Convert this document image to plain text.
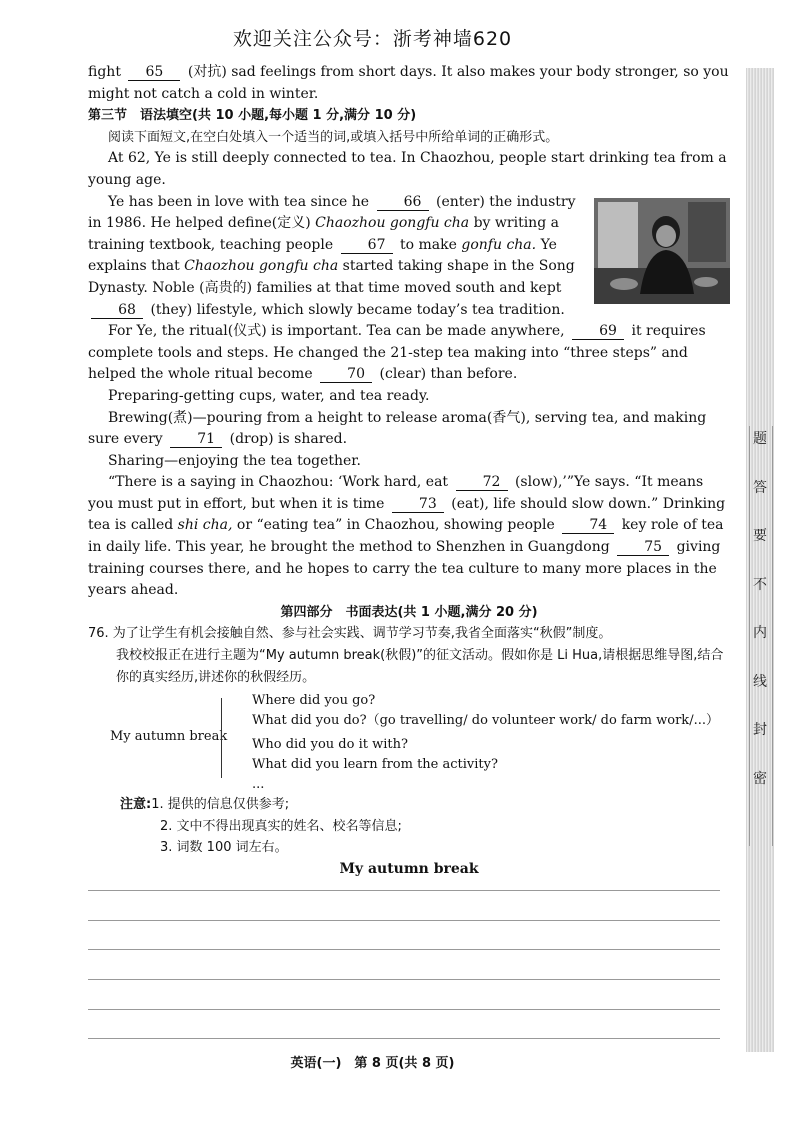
欢迎关注公众号：浙考神墙620

fight 65 (对抗) sad feelings from short days. It also makes your body stronger, so you might not catch a cold in winter.

第三节　语法填空(共 10 小题,每小题 1 分,满分 10 分)

阅读下面短文,在空白处填入一个适当的词,或填入括号中所给单词的正确形式。

At 62, Ye is still deeply connected to tea. In Chaozhou, people start drinking tea from a young age.

Ye has been in love with tea since he 66 (enter) the industry in 1986. He helped define(定义) Chaozhou gongfu cha by writing a training textbook, teaching people 67 to make gonfu cha. Ye explains that Chaozhou gongfu cha started taking shape in the Song Dynasty. Noble (高贵的) families at that time moved south and kept 68 (they) lifestyle, which slowly became today’s tea tradition.

For Ye, the ritual(仪式) is important. Tea can be made anywhere, 69 it requires complete tools and steps. He changed the 21-step tea making into “three steps” and helped the whole ritual become 70 (clear) than before.

Preparing-getting cups, water, and tea ready.

Brewing(煮)—pouring from a height to release aroma(香气), serving tea, and making sure every 71 (drop) is shared.

Sharing—enjoying the tea together.

“There is a saying in Chaozhou: ‘Work hard, eat 72 (slow),’”Ye says. “It means you must put in effort, but when it is time 73 (eat), life should slow down.” Drinking tea is called shi cha, or “eating tea” in Chaozhou, showing people 74 key role of tea in daily life. This year, he brought the method to Shenzhen in Guangdong 75 giving training courses there, and he hopes to carry the tea culture to many more places in the years ahead.

第四部分　书面表达(共 1 小题,满分 20 分)

76. 为了让学生有机会接触自然、参与社会实践、调节学习节奏,我省全面落实“秋假”制度。

我校校报正在进行主题为“My autumn break(秋假)”的征文活动。假如你是 Li Hua,请根据思维导图,结合你的真实经历,讲述你的秋假经历。

My autumn break
Where did you go?
What did you do?（go travelling/ do volunteer work/ do farm work/...）
Who did you do it with?
What did you learn from the activity?
...

注意:1. 提供的信息仅供参考;

2. 文中不得出现真实的姓名、校名等信息;

3. 词数 100 词左右。

My autumn break

英语(一)　第 8 页(共 8 页)
题
答
要
不
内
线
封
密
